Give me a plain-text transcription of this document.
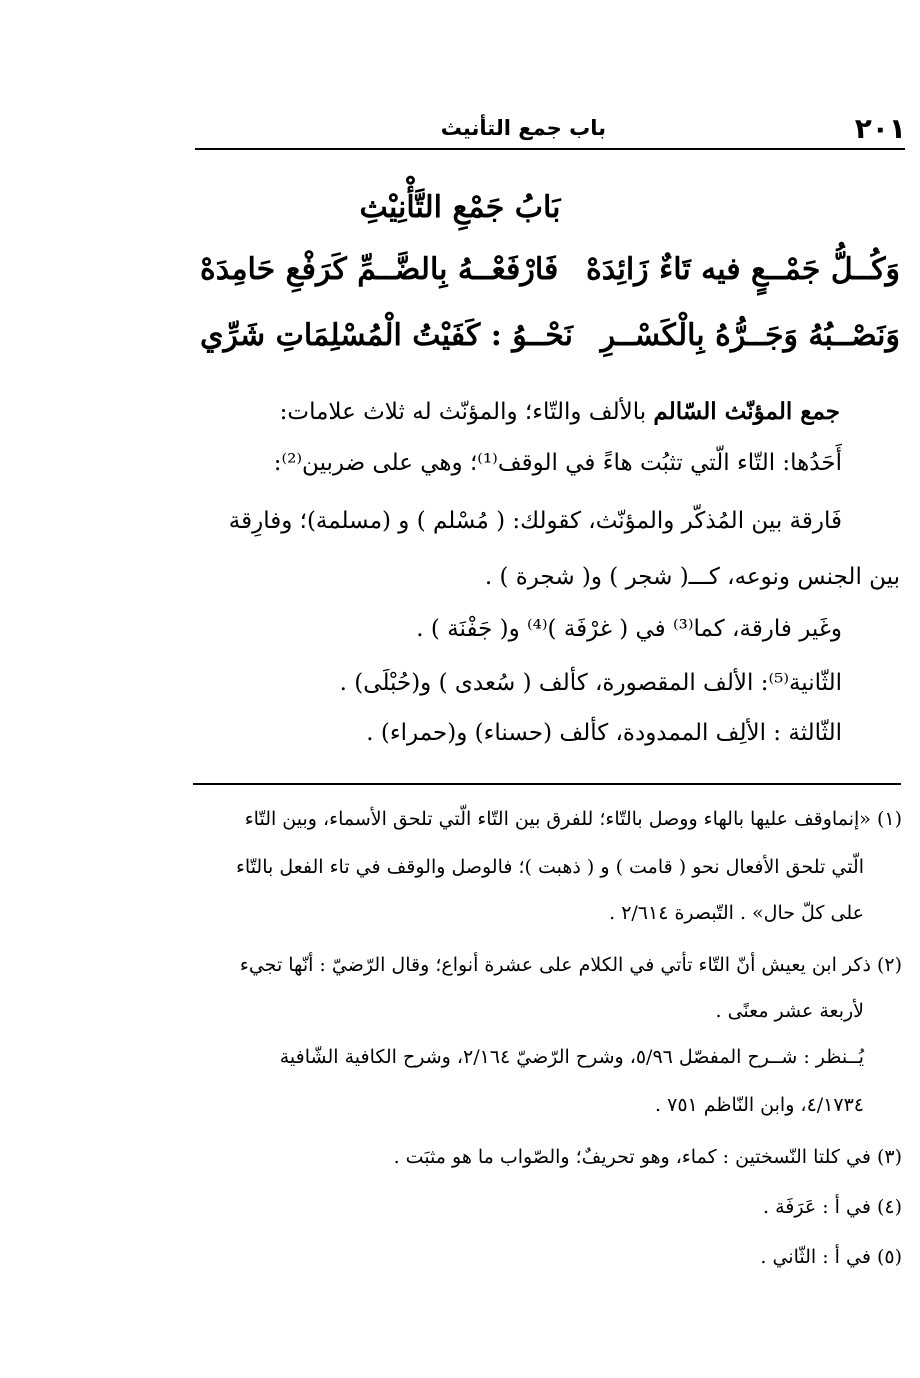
٢٠١
باب جمع التأنيث
بَابُ جَمْعِ التَّأْنِيْثِ
وَكُــلُّ جَمْــعٍ فيه تَاءٌ زَائِدَهْ
فَارْفَعْــهُ بِالضَّــمِّ كَرَفْعِ حَامِدَهْ
وَنَصْــبُهُ وَجَــرُّهُ بِالْكَسْــرِ
نَحْــوُ : كَفَيْتُ الْمُسْلِمَاتِ شَرِّي
جمع المؤنّث السّالم بالألف والتّاء؛ والمؤنّث له ثلاث علامات:
أَحَدُها: التّاء الّتي تثبُت هاءً في الوقف⁽¹⁾؛ وهي على ضربين⁽²⁾:
فَارقة بين المُذكّر والمؤنّث، كقولك: ( مُسْلم ) و (مسلمة)؛ وفارِقة
بين الجنس ونوعه، كـــ( شجر ) و( شجرة ) .
وغَير فارقة، كما⁽³⁾ في ( غرْفَة )⁽⁴⁾ و( جَفْنَة ) .
الثّانية⁽⁵⁾: الألف المقصورة، كألف ( سُعدى ) و(حُبْلَى) .
الثّالثة : الألِف الممدودة، كألف (حسناء) و(حمراء) .
(١) «إنماوقف عليها بالهاء ووصل بالتّاء؛ للفرق بين التّاء الّتي تلحق الأسماء، وبين التّاء
الّتي تلحق الأفعال نحو ( قامت ) و ( ذهبت )؛ فالوصل والوقف في تاء الفعل بالتّاء
على كلّ حال» . التّبصرة ٢/٦١٤ .
(٢) ذكر ابن يعيش أنّ التّاء تأتي في الكلام على عشرة أنواع؛ وقال الرّضيّ : أنّها تجيء
لأربعة عشر معنًى .
يُــنظر : شــرح المفصّل ٥/٩٦، وشرح الرّضيّ ٢/١٦٤، وشرح الكافية الشّافية
٤/١٧٣٤، وابن النّاظم ٧٥١ .
(٣) في كلتا النّسختين : كماء، وهو تحريفٌ؛ والصّواب ما هو مثبَت .
(٤) في أ : عَرَفَة .
(٥) في أ : الثّاني .
